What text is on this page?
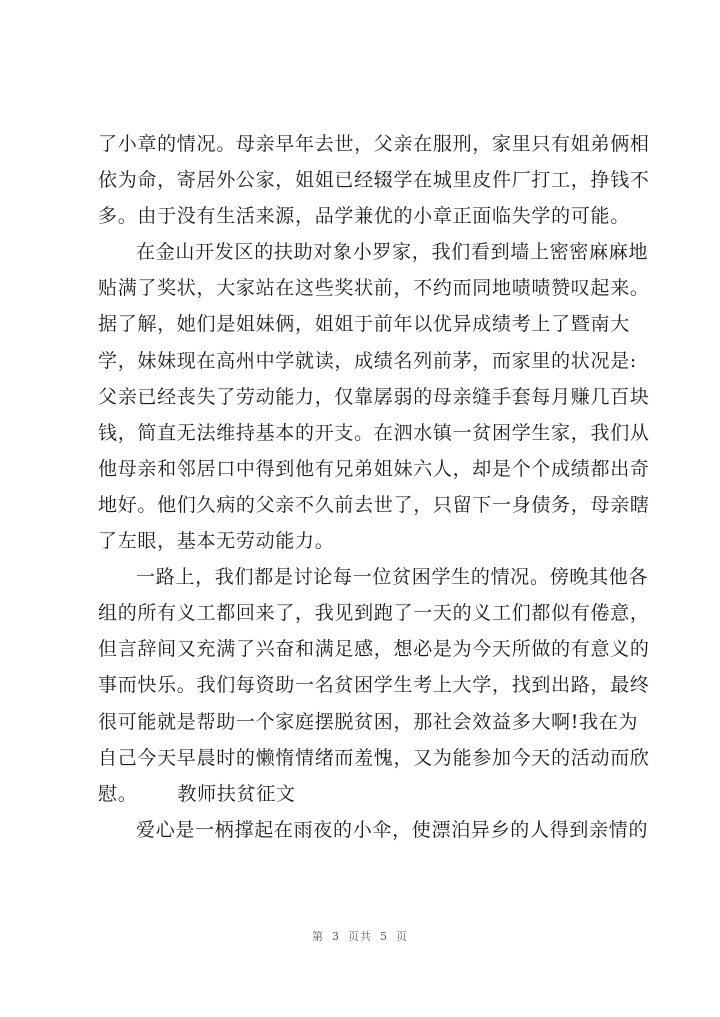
了小章的情况。母亲早年去世，父亲在服刑，家里只有姐弟俩相
依为命，寄居外公家，姐姐已经辍学在城里皮件厂打工，挣钱不
多。由于没有生活来源，品学兼优的小章正面临失学的可能。
在金山开发区的扶助对象小罗家，我们看到墙上密密麻麻地
贴满了奖状，大家站在这些奖状前，不约而同地啧啧赞叹起来。
据了解，她们是姐妹俩，姐姐于前年以优异成绩考上了暨南大
学，妹妹现在高州中学就读，成绩名列前茅，而家里的状况是:
父亲已经丧失了劳动能力，仅靠孱弱的母亲缝手套每月赚几百块
钱，简直无法维持基本的开支。在泗水镇一贫困学生家，我们从
他母亲和邻居口中得到他有兄弟姐妹六人，却是个个成绩都出奇
地好。他们久病的父亲不久前去世了，只留下一身债务，母亲瞎
了左眼，基本无劳动能力。
一路上，我们都是讨论每一位贫困学生的情况。傍晚其他各
组的所有义工都回来了，我见到跑了一天的义工们都似有倦意，
但言辞间又充满了兴奋和满足感，想必是为今天所做的有意义的
事而快乐。我们每资助一名贫困学生考上大学，找到出路，最终
很可能就是帮助一个家庭摆脱贫困，那社会效益多大啊!我在为
自己今天早晨时的懒惰情绪而羞愧，又为能参加今天的活动而欣
慰。 教师扶贫征文
爱心是一柄撑起在雨夜的小伞，使漂泊异乡的人得到亲情的
第 3 页共 5 页
